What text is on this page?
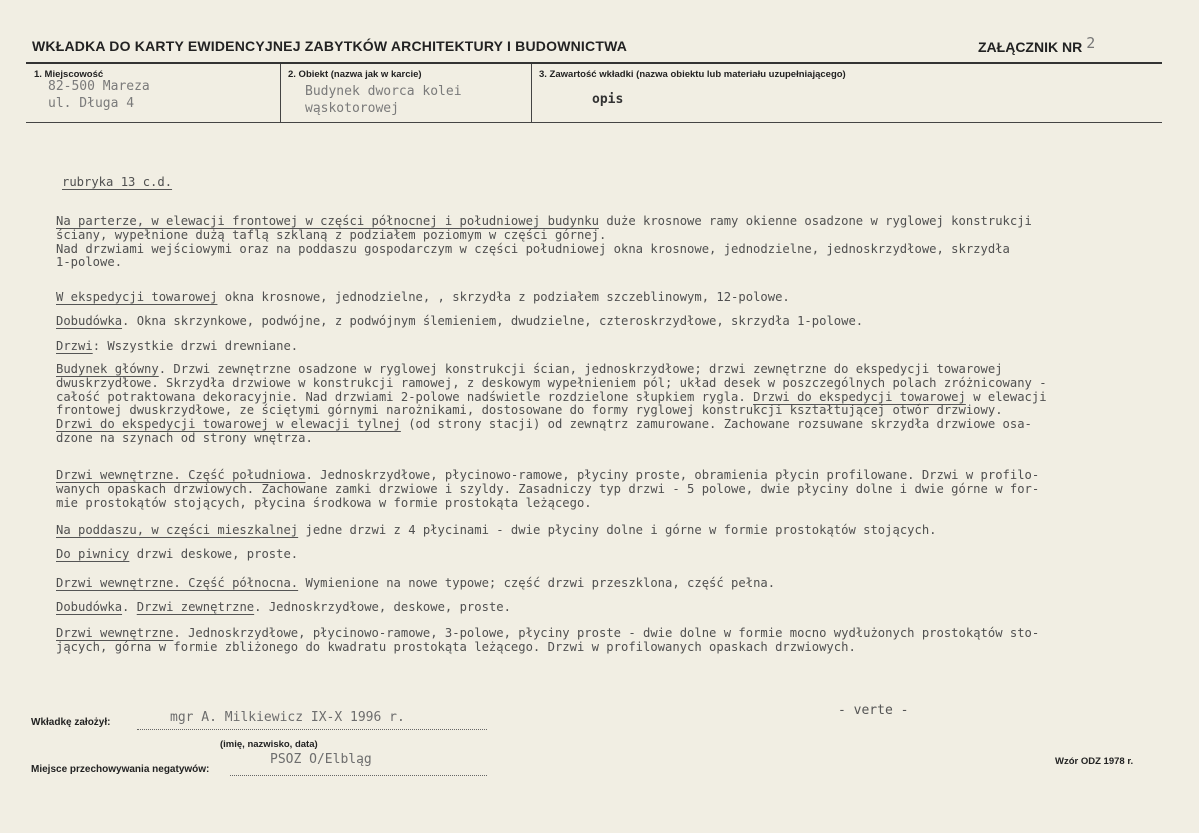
WKŁADKA DO KARTY EWIDENCYJNEJ ZABYTKÓW ARCHITEKTURY I BUDOWNICTWA	ZAŁĄCZNIK NR 2
1. Miejscowość
82-500 Mareza
ul. Długa 4
2. Obiekt (nazwa jak w karcie)
Budynek dworca kolei
wąskotorowej
3. Zawartość wkładki (nazwa obiektu lub materiału uzupełniającego)
opis
rubryka 13 c.d.
Na parterze, w elewacji frontowej w części północnej i południowej budynku duże krosnowe ramy okienne osadzone w ryglowej konstrukcji
ściany, wypełnione dużą taflą szklaną z podziałem poziomym w części górnej.
Nad drzwiami wejściowymi oraz na poddaszu gospodarczym w części południowej okna krosnowe, jednodzielne, jednoskrzydłowe, skrzydła
1-polowe.
W ekspedycji towarowej okna krosnowe, jednodzielne, , skrzydła z podziałem szczeblinowym, 12-polowe.
Dobudówka. Okna skrzynkowe, podwójne, z podwójnym ślemieniem, dwudzielne, czteroskrzydłowe, skrzydła 1-polowe.
Drzwi: Wszystkie drzwi drewniane.
Budynek główny. Drzwi zewnętrzne osadzone w ryglowej konstrukcji ścian, jednoskrzydłowe; drzwi zewnętrzne do ekspedycji towarowej
dwuskrzydłowe. Skrzydła drzwiowe w konstrukcji ramowej, z deskowym wypełnieniem pól; układ desek w poszczególnych polach zróżnicowany -
całość potraktowana dekoracyjnie. Nad drzwiami 2-polowe nadświetle rozdzielone słupkiem rygla. Drzwi do ekspedycji towarowej w elewacji
frontowej dwuskrzydłowe, ze ściętymi górnymi narożnikami, dostosowane do formy ryglowej konstrukcji kształtującej otwór drzwiowy.
Drzwi do ekspedycji towarowej w elewacji tylnej (od strony stacji) od zewnątrz zamurowane. Zachowane rozsuwane skrzydła drzwiowe osa-
dzone na szynach od strony wnętrza.
Drzwi wewnętrzne. Część południowa. Jednoskrzydłowe, płycinowo-ramowe, płyciny proste, obramienia płycin profilowane. Drzwi w profilo-
wanych opaskach drzwiowych. Zachowane zamki drzwiowe i szyldy. Zasadniczy typ drzwi - 5 polowe, dwie płyciny dolne i dwie górne w for-
mie prostokątów stojących, płycina środkowa w formie prostokąta leżącego.
Na poddaszu, w części mieszkalnej jedne drzwi z 4 płycinami - dwie płyciny dolne i górne w formie prostokątów stojących.
Do piwnicy drzwi deskowe, proste.
Drzwi wewnętrzne. Część północna. Wymienione na nowe typowe; część drzwi przeszklona, część pełna.
Dobudówka. Drzwi zewnętrzne. Jednoskrzydłowe, deskowe, proste.
Drzwi wewnętrzne. Jednoskrzydłowe, płycinowo-ramowe, 3-polowe, płyciny proste - dwie dolne w formie mocno wydłużonych prostokątów sto-
jących, górna w formie zbliżonego do kwadratu prostokąta leżącego. Drzwi w profilowanych opaskach drzwiowych.
- verte -
Wkładkę założył:	mgr A. Milkiewicz IX-X 1996 r.
(imię, nazwisko, data)
Miejsce przechowywania negatywów:
PSOZ O/Elbląg	Wzór ODZ 1978 r.
